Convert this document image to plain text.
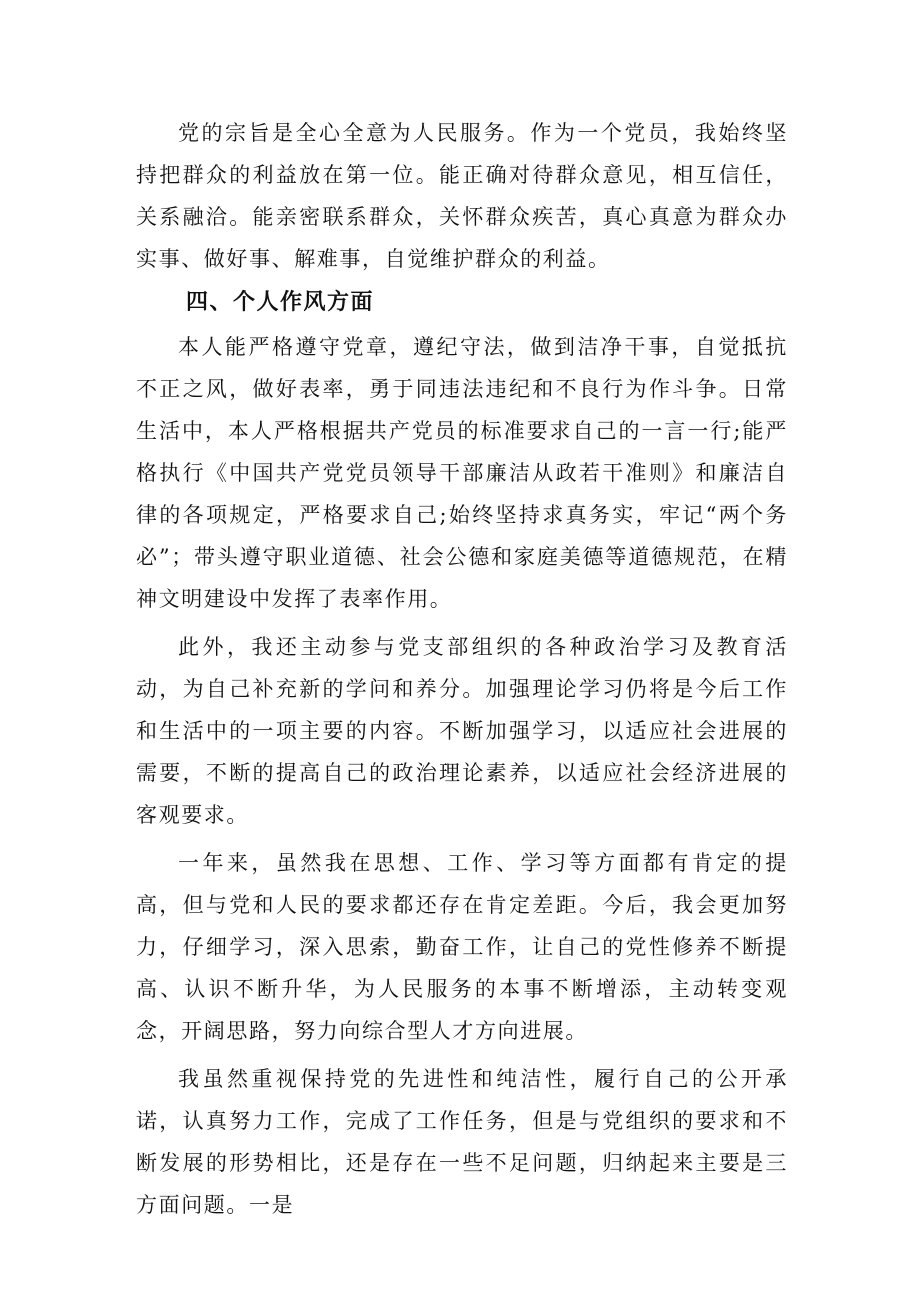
党的宗旨是全心全意为人民服务。作为一个党员，我始终坚持把群众的利益放在第一位。能正确对待群众意见，相互信任，关系融洽。能亲密联系群众，关怀群众疾苦，真心真意为群众办实事、做好事、解难事，自觉维护群众的利益。

四、个人作风方面

本人能严格遵守党章，遵纪守法，做到洁净干事，自觉抵抗不正之风，做好表率，勇于同违法违纪和不良行为作斗争。日常生活中，本人严格根据共产党员的标准要求自己的一言一行;能严格执行《中国共产党党员领导干部廉洁从政若干准则》和廉洁自律的各项规定，严格要求自己;始终坚持求真务实，牢记“两个务必”；带头遵守职业道德、社会公德和家庭美德等道德规范，在精神文明建设中发挥了表率作用。

此外，我还主动参与党支部组织的各种政治学习及教育活动，为自己补充新的学问和养分。加强理论学习仍将是今后工作和生活中的一项主要的内容。不断加强学习，以适应社会进展的需要，不断的提高自己的政治理论素养，以适应社会经济进展的客观要求。

一年来，虽然我在思想、工作、学习等方面都有肯定的提高，但与党和人民的要求都还存在肯定差距。今后，我会更加努力，仔细学习，深入思索，勤奋工作，让自己的党性修养不断提高、认识不断升华，为人民服务的本事不断增添，主动转变观念，开阔思路，努力向综合型人才方向进展。

我虽然重视保持党的先进性和纯洁性，履行自己的公开承诺，认真努力工作，完成了工作任务，但是与党组织的要求和不断发展的形势相比，还是存在一些不足问题，归纳起来主要是三方面问题。一是
